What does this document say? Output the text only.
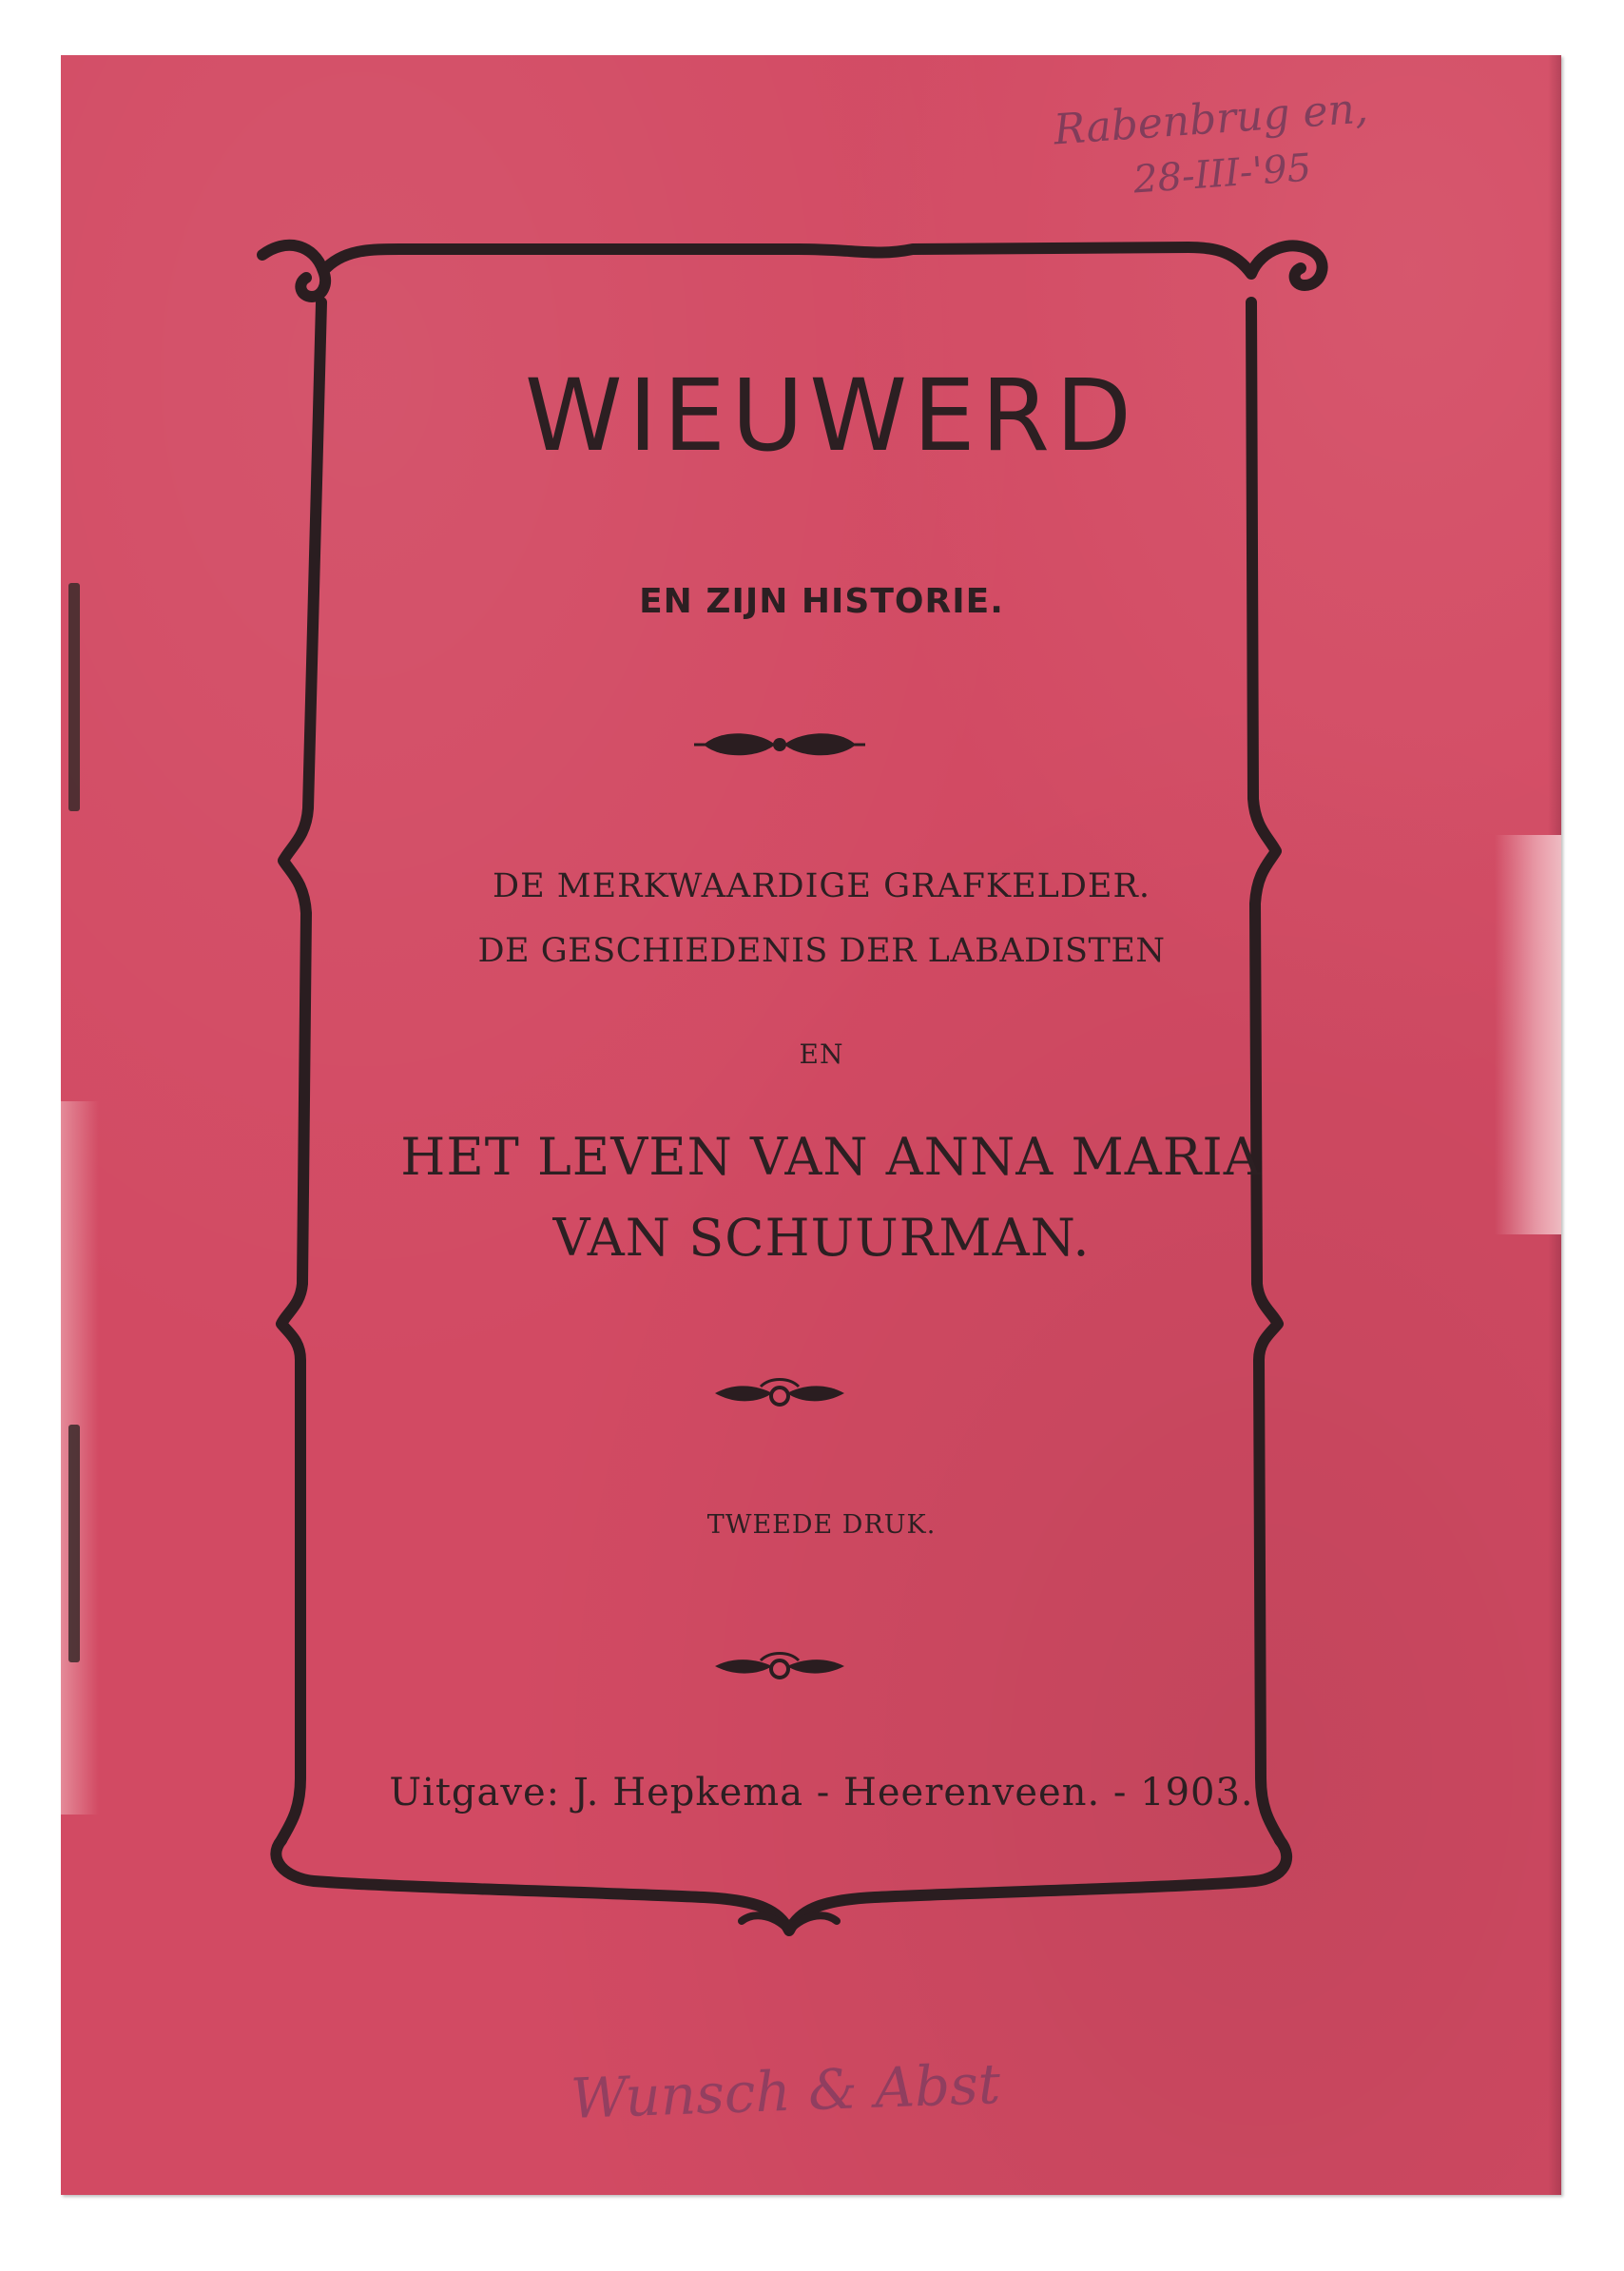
WIEUWERD
EN ZIJN HISTORIE.
DE MERKWAARDIGE GRAFKELDER.
DE GESCHIEDENIS DER LABADISTEN
EN
HET LEVEN VAN ANNA MARIA
VAN SCHUURMAN.
TWEEDE DRUK.
Uitgave: J. Hepkema - Heerenveen. - 1903.
Rabenbrug en,
28-III-'95
Wunsch & Abst
